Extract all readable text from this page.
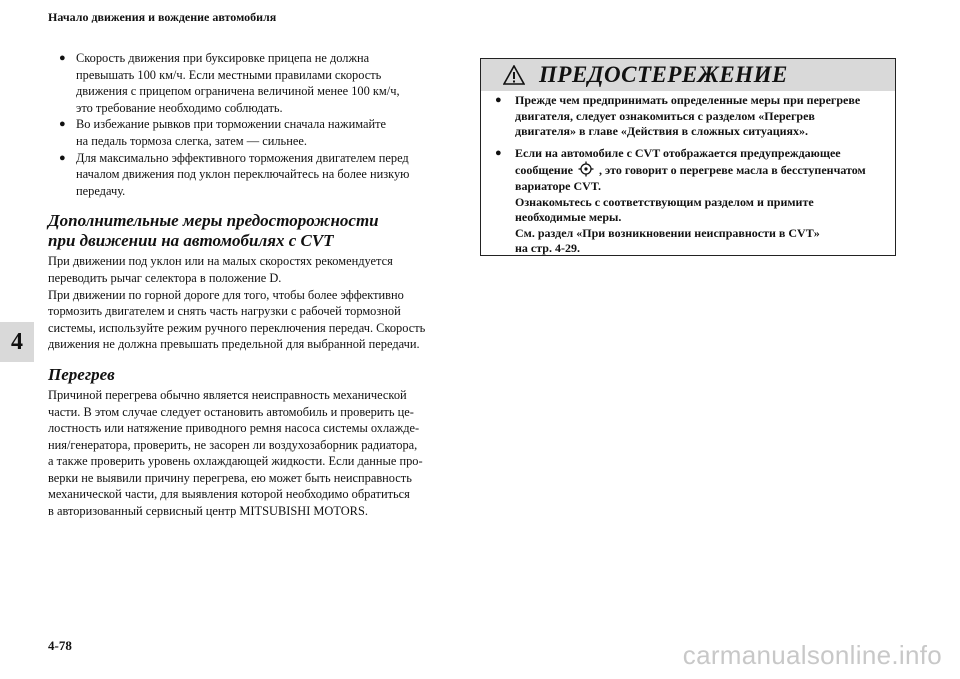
Начало движения и вождение автомобиля
4
● Скорость движения при буксировке прицепа не должна
превышать 100 км/ч. Если местными правилами скорость
движения с прицепом ограничена величиной менее 100 км/ч,
это требование необходимо соблюдать.
● Во избежание рывков при торможении сначала нажимайте
на педаль тормоза слегка, затем — сильнее.
● Для максимально эффективного торможения двигателем перед
началом движения под уклон переключайтесь на более низкую
передачу.
Дополнительные меры предосторожности
при движении на автомобилях с CVT

При движении под уклон или на малых скоростях рекомендуется
переводить рычаг селектора в положение D.
При движении по горной дороге для того, чтобы более эффективно
тормозить двигателем и снять часть нагрузки с рабочей тормозной
системы, используйте режим ручного переключения передач. Скорость
движения не должна превышать предельной для выбранной передачи.

Перегрев

Причиной перегрева обычно является неисправность механической
части. В этом случае следует остановить автомобиль и проверить це-
лостность или натяжение приводного ремня насоса системы охлажде-
ния/генератора, проверить, не засорен ли воздухозаборник радиатора,
а также проверить уровень охлаждающей жидкости. Если данные про-
верки не выявили причину перегрева, ею может быть неисправность
механической части, для выявления которой необходимо обратиться
в авторизованный сервисный центр MITSUBISHI MOTORS.

ПРЕДОСТЕРЕЖЕНИЕ
● Прежде чем предпринимать определенные меры при перегреве
двигателя, следует ознакомиться с разделом «Перегрев
двигателя» в главе «Действия в сложных ситуациях».
● Если на автомобиле с CVT отображается предупреждающее
сообщение , это говорит о перегреве масла в бесступенчатом
вариаторе CVT.
Ознакомьтесь с соответствующим разделом и примите
необходимые меры.
См. раздел «При возникновении неисправности в CVT»
на стр. 4-29.
4-78	carmanualsonline.info
